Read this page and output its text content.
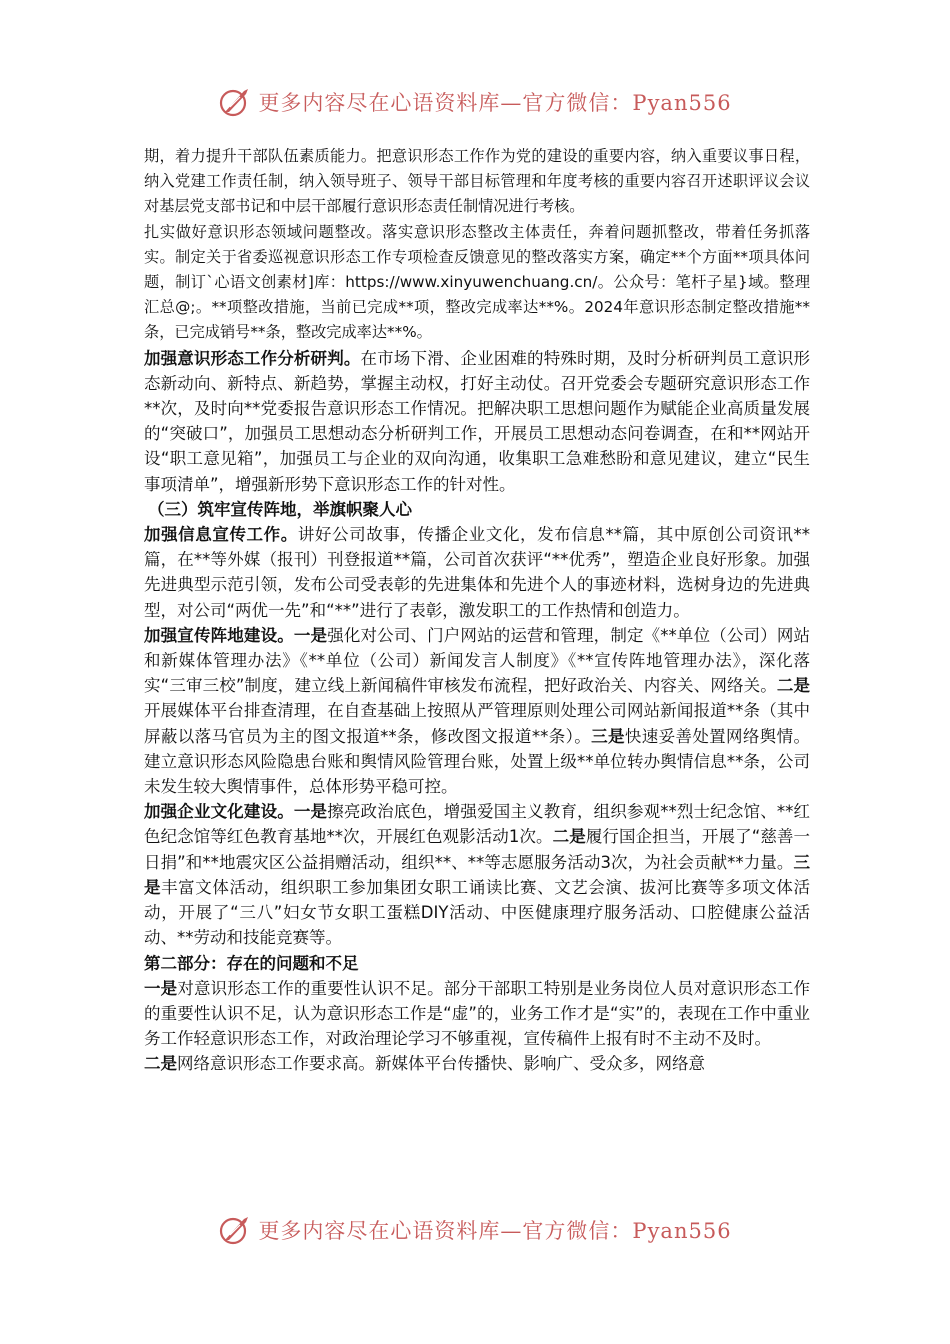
更多内容尽在心语资料库—官方微信：Pyan556

期，着力提升干部队伍素质能力。把意识形态工作作为党的建设的重要内容，纳入重要议事日程，纳入党建工作责任制，纳入领导班子、领导干部目标管理和年度考核的重要内容召开述职评议会议对基层党支部书记和中层干部履行意识形态责任制情况进行考核。

扎实做好意识形态领域问题整改。落实意识形态整改主体责任，奔着问题抓整改，带着任务抓落实。制定关于省委巡视意识形态工作专项检查反馈意见的整改落实方案，确定**个方面**项具体问题，制订`心语文创素材]库：https://www.xinyuwenchuang.cn/。公众号：笔杆子星}域。整理汇总@;。**项整改措施，当前已完成**项，整改完成率达**%。2024年意识形态制定整改措施**条，已完成销号**条，整改完成率达**%。

加强意识形态工作分析研判。在市场下滑、企业困难的特殊时期，及时分析研判员工意识形态新动向、新特点、新趋势，掌握主动权，打好主动仗。召开党委会专题研究意识形态工作**次，及时向**党委报告意识形态工作情况。把解决职工思想问题作为赋能企业高质量发展的“突破口”，加强员工思想动态分析研判工作，开展员工思想动态问卷调查，在和**网站开设“职工意见箱”，加强员工与企业的双向沟通，收集职工急难愁盼和意见建议，建立“民生事项清单”，增强新形势下意识形态工作的针对性。

（三）筑牢宣传阵地，举旗帜聚人心

加强信息宣传工作。讲好公司故事，传播企业文化，发布信息**篇，其中原创公司资讯**篇，在**等外媒（报刊）刊登报道**篇，公司首次获评“**优秀”，塑造企业良好形象。加强先进典型示范引领，发布公司受表彰的先进集体和先进个人的事迹材料，选树身边的先进典型，对公司“两优一先”和“**”进行了表彰，激发职工的工作热情和创造力。

加强宣传阵地建设。一是强化对公司、门户网站的运营和管理，制定《**单位（公司）网站和新媒体管理办法》《**单位（公司）新闻发言人制度》《**宣传阵地管理办法》，深化落实“三审三校”制度，建立线上新闻稿件审核发布流程，把好政治关、内容关、网络关。二是开展媒体平台排查清理，在自查基础上按照从严管理原则处理公司网站新闻报道**条（其中屏蔽以落马官员为主的图文报道**条，修改图文报道**条）。三是快速妥善处置网络舆情。建立意识形态风险隐患台账和舆情风险管理台账，处置上级**单位转办舆情信息**条，公司未发生较大舆情事件，总体形势平稳可控。

加强企业文化建设。一是擦亮政治底色，增强爱国主义教育，组织参观**烈士纪念馆、**红色纪念馆等红色教育基地**次，开展红色观影活动1次。二是履行国企担当，开展了“慈善一日捐”和**地震灾区公益捐赠活动，组织**、**等志愿服务活动3次，为社会贡献**力量。三是丰富文体活动，组织职工参加集团女职工诵读比赛、文艺会演、拔河比赛等多项文体活动，开展了“三八”妇女节女职工蛋糕DIY活动、中医健康理疗服务活动、口腔健康公益活动、**劳动和技能竞赛等。

第二部分：存在的问题和不足

一是对意识形态工作的重要性认识不足。部分干部职工特别是业务岗位人员对意识形态工作的重要性认识不足，认为意识形态工作是“虚”的，业务工作才是“实”的，表现在工作中重业务工作轻意识形态工作，对政治理论学习不够重视，宣传稿件上报有时不主动不及时。

二是网络意识形态工作要求高。新媒体平台传播快、影响广、受众多，网络意

更多内容尽在心语资料库—官方微信：Pyan556
